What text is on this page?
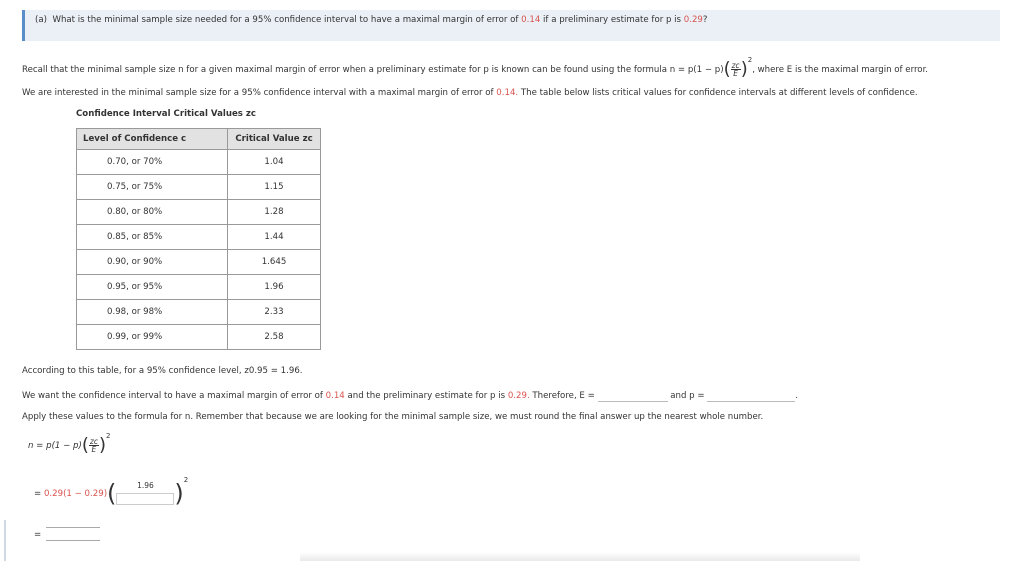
(a) What is the minimal sample size needed for a 95% confidence interval to have a maximal margin of error of 0.14 if a preliminary estimate for p is 0.29?
Recall that the minimal sample size n for a given maximal margin of error when a preliminary estimate for p is known can be found using the formula $n = p(1 - p)( \frac{zc}{E} )^2$, where E is the maximal margin of error.
We are interested in the minimal sample size for a 95% confidence interval with a maximal margin of error of 0.14. The table below lists critical values for confidence intervals at different levels of confidence.
Confidence Interval Critical Values zc
Level of Confidence c	Critical Value zc
0.70, or 70%	1.04
0.75, or 75%	1.15
0.80, or 80%	1.28
0.85, or 85%	1.44
0.90, or 90%	1.645
0.95, or 95%	1.96
0.98, or 98%	2.33
0.99, or 99%	2.58
According to this table, for a 95% confidence level, z0.95 = 1.96.
We want the confidence interval to have a maximal margin of error of 0.14 and the preliminary estimate for p is 0.29. Therefore, E =	and p =	.
Apply these values to the formula for n. Remember that because we are looking for the minimal sample size, we must round the final answer up the nearest whole number.
$n = p(1 - p)( \frac{zc}{E} )^2$
= 0.29(1 − 0.29)(	1.96 )$^2$
=
